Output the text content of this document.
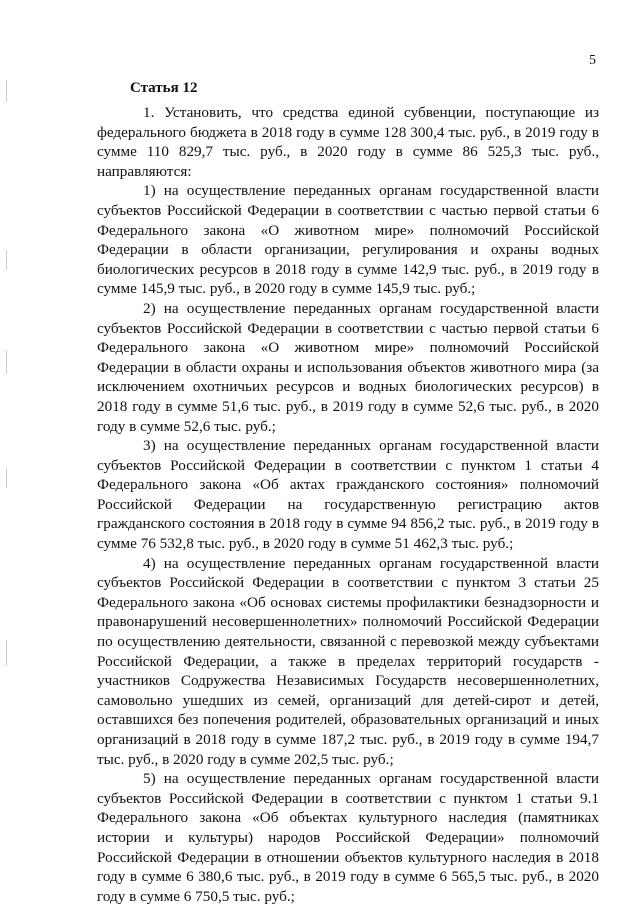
5
Статья 12

1. Установить, что средства единой субвенции, поступающие из федерального бюджета в 2018 году в сумме 128 300,4 тыс. руб., в 2019 году в сумме 110 829,7 тыс. руб., в 2020 году в сумме 86 525,3 тыс. руб., направляются:

1) на осуществление переданных органам государственной власти субъектов Российской Федерации в соответствии с частью первой статьи 6 Федерального закона «О животном мире» полномочий Российской Федерации в области организации, регулирования и охраны водных биологических ресурсов в 2018 году в сумме 142,9 тыс. руб., в 2019 году в сумме 145,9 тыс. руб., в 2020 году в сумме 145,9 тыс. руб.;

2) на осуществление переданных органам государственной власти субъектов Российской Федерации в соответствии с частью первой статьи 6 Федерального закона «О животном мире» полномочий Российской Федерации в области охраны и использования объектов животного мира (за исключением охотничьих ресурсов и водных биологических ресурсов) в 2018 году в сумме 51,6 тыс. руб., в 2019 году в сумме 52,6 тыс. руб., в 2020 году в сумме 52,6 тыс. руб.;

3) на осуществление переданных органам государственной власти субъектов Российской Федерации в соответствии с пунктом 1 статьи 4 Федерального закона «Об актах гражданского состояния» полномочий Российской Федерации на государственную регистрацию актов гражданского состояния в 2018 году в сумме 94 856,2 тыс. руб., в 2019 году в сумме 76 532,8 тыс. руб., в 2020 году в сумме 51 462,3 тыс. руб.;

4) на осуществление переданных органам государственной власти субъектов Российской Федерации в соответствии с пунктом 3 статьи 25 Федерального закона «Об основах системы профилактики безнадзорности и правонарушений несовершеннолетних» полномочий Российской Федерации по осуществлению деятельности, связанной с перевозкой между субъектами Российской Федерации, а также в пределах территорий государств - участников Содружества Независимых Государств несовершеннолетних, самовольно ушедших из семей, организаций для детей-сирот и детей, оставшихся без попечения родителей, образовательных организаций и иных организаций в 2018 году в сумме 187,2 тыс. руб., в 2019 году в сумме 194,7 тыс. руб., в 2020 году в сумме 202,5 тыс. руб.;

5) на осуществление переданных органам государственной власти субъектов Российской Федерации в соответствии с пунктом 1 статьи 9.1 Федерального закона «Об объектах культурного наследия (памятниках истории и культуры) народов Российской Федерации» полномочий Российской Федерации в отношении объектов культурного наследия в 2018 году в сумме 6 380,6 тыс. руб., в 2019 году в сумме 6 565,5 тыс. руб., в 2020 году в сумме 6 750,5 тыс. руб.;
